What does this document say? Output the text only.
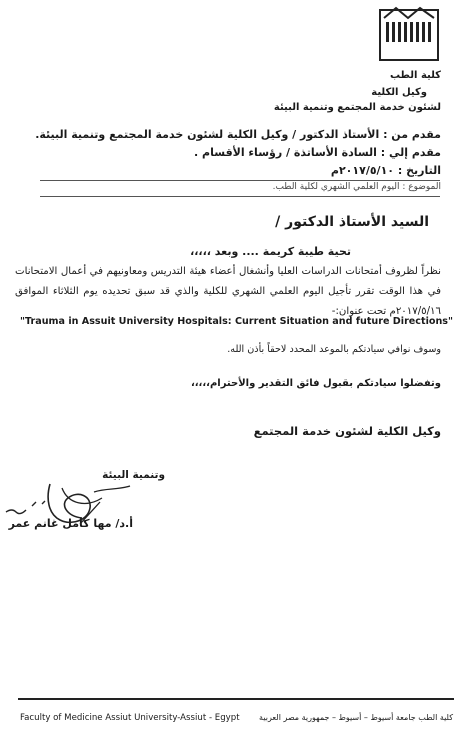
كلية الطب
وكيل الكلية
لشئون خدمة المجتمع وتنمية البيئة
مقدم من : الأستاذ الدكتور / وكيل الكلية لشئون خدمة المجتمع وتنمية البيئة.
مقدم إلي : السادة الأساتذة / رؤساء الأقسام .
التاريخ : ٢٠١٧/٥/١٠م
الموضوع : اليوم العلمي الشهري لكلية الطب.
السيد الأستاذ الدكتور /
تحية طيبة كريمة .... وبعد ،،،،،
نظراً لظروف أمتحانات الدراسات العليا وأنشغال أعضاء هيئة التدريس ومعاونيهم في أعمال الامتحانات في هذا الوقت تقرر تأجيل اليوم العلمي الشهري للكلية والذي قد سبق تحديده يوم الثلاثاء الموافق ٢٠١٧/٥/١٦م تحت عنوان:-
"Trauma in Assuit University Hospitals: Current Situation and future Directions"
وسوف نوافي سيادتكم بالموعد المحدد لاحقاً بأذن الله.
وتفضلوا سيادتكم بقبول فائق التقدير والأحترام،،،،،
وكيل الكلية لشئون خدمة المجتمع
وتنمية البيئة
أ.د/ مها كامل غانم عمر
Faculty of Medicine Assiut University-Assiut - Egypt كلية الطب جامعة أسيوط – أسيوط – جمهورية مصر العربية
